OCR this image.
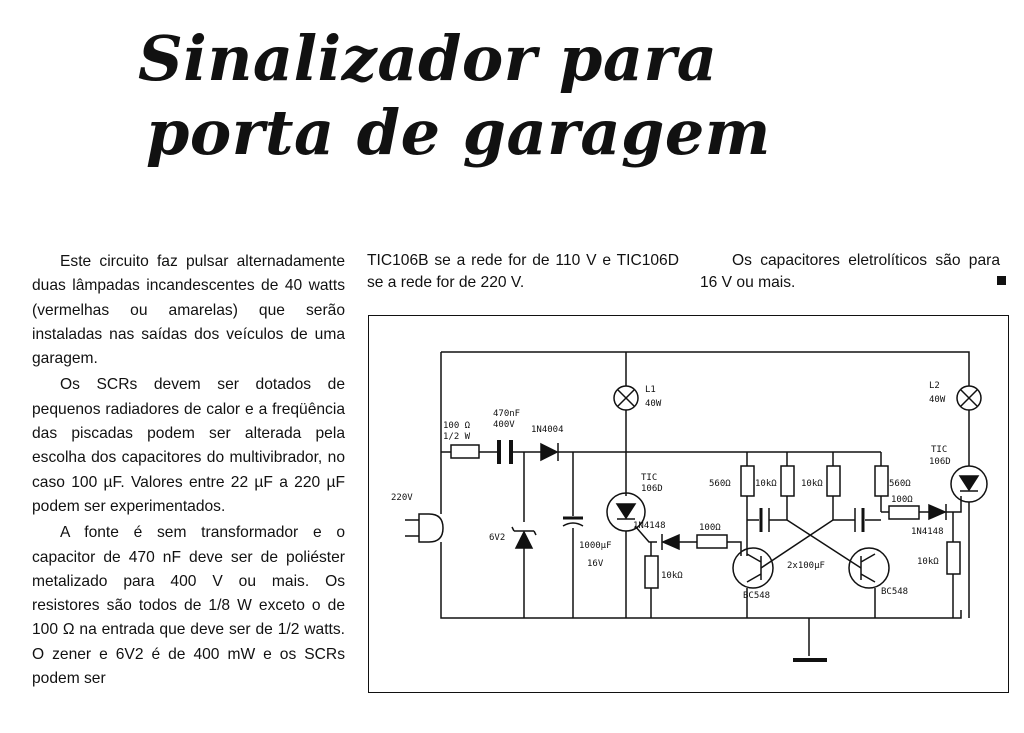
Sinalizador para
porta de garagem

Este circuito faz pulsar alternadamente duas lâmpadas incandescentes de 40 watts (vermelhas ou amarelas) que serão instaladas nas saídas dos veículos de uma garagem.

Os SCRs devem ser dotados de pequenos radiadores de calor e a freqüência das piscadas podem ser alterada pela escolha dos capacitores do multivibrador, no caso 100 µF. Valores entre 22 µF a 220 µF podem ser experimentados.

A fonte é sem transformador e o capacitor de 470 nF deve ser de poliéster metalizado para 400 V ou mais. Os resistores são todos de 1/8 W exceto o de 100 Ω na entrada que deve ser de 1/2 watts. O zener e 6V2 é de 400 mW e os SCRs podem ser

TIC106B se a rede for de 110 V e TIC106D se a rede for de 220 V.

Os capacitores eletrolíticos são para 16 V ou mais.

220V
100 Ω
1/2 W
470nF
400V 1N4004
6V2
1000µF
16V
L1
40W
TIC
106D
1N4148	100Ω
10kΩ
560Ω	10kΩ	10kΩ	560Ω
2x100µF
BC548	BC548
100Ω
1N4148
10kΩ
L2
40W
TIC
106D
